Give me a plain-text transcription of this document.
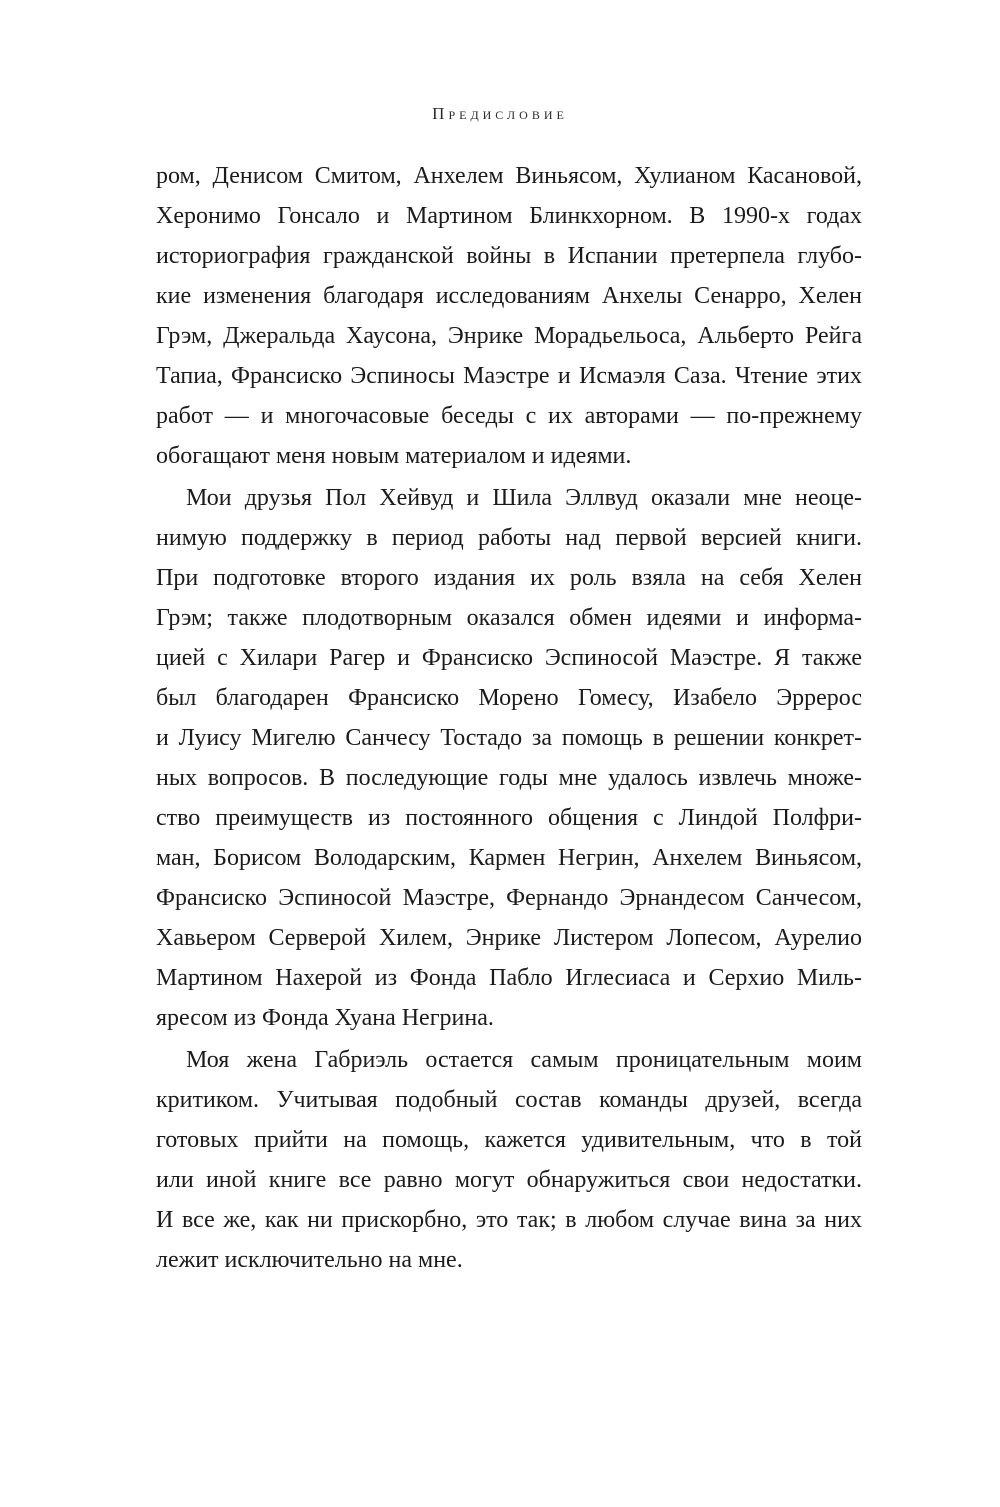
Предисловие
ром, Денисом Смитом, Анхелем Виньясом, Хулианом Касановой,
Херонимо Гонсало и Мартином Блинкхорном. В 1990-х годах
историография гражданской войны в Испании претерпела глубо-
кие изменения благодаря исследованиям Анхелы Сенарро, Хелен
Грэм, Джеральда Хаусона, Энрике Морадьельоса, Альберто Рейга
Тапиа, Франсиско Эспиносы Маэстре и Исмаэля Саза. Чтение этих
работ — и многочасовые беседы с их авторами — по-прежнему
обогащают меня новым материалом и идеями.
Мои друзья Пол Хейвуд и Шила Эллвуд оказали мне неоце-
нимую поддержку в период работы над первой версией книги.
При подготовке второго издания их роль взяла на себя Хелен
Грэм; также плодотворным оказался обмен идеями и информа-
цией с Хилари Рагер и Франсиско Эспиносой Маэстре. Я также
был благодарен Франсиско Морено Гомесу, Изабело Эррерос
и Луису Мигелю Санчесу Тостадо за помощь в решении конкрет-
ных вопросов. В последующие годы мне удалось извлечь множе-
ство преимуществ из постоянного общения с Линдой Полфри-
ман, Борисом Володарским, Кармен Негрин, Анхелем Виньясом,
Франсиско Эспиносой Маэстре, Фернандо Эрнандесом Санчесом,
Хавьером Серверой Хилем, Энрике Листером Лопесом, Аурелио
Мартином Нахерой из Фонда Пабло Иглесиаса и Серхио Миль-
яресом из Фонда Хуана Негрина.
Моя жена Габриэль остается самым проницательным моим
критиком. Учитывая подобный состав команды друзей, всегда
готовых прийти на помощь, кажется удивительным, что в той
или иной книге все равно могут обнаружиться свои недостатки.
И все же, как ни прискорбно, это так; в любом случае вина за них
лежит исключительно на мне.
